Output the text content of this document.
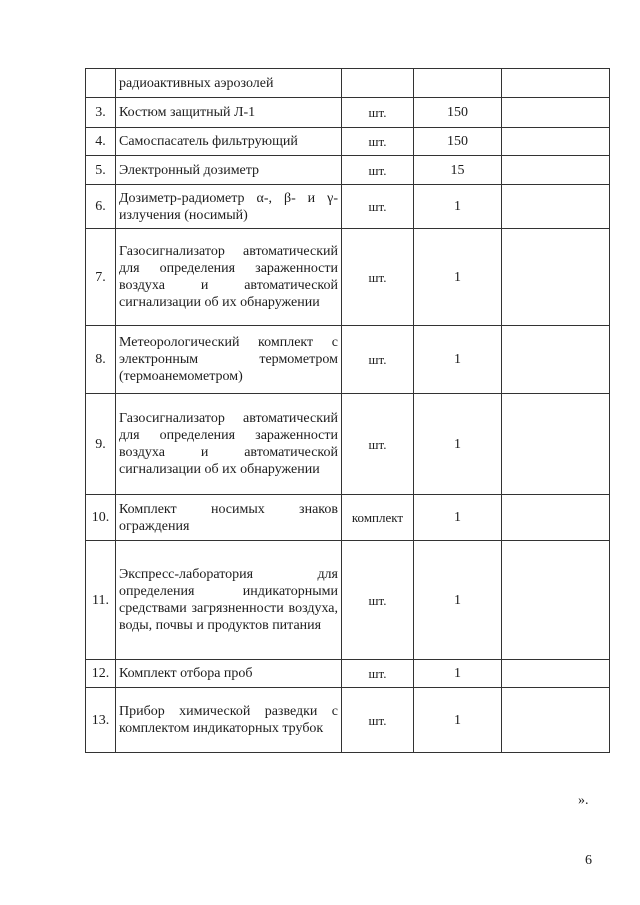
	радиоактивных аэрозолей			
3.	Костюм защитный Л-1	шт.	150	
4.	Самоспасатель фильтрующий	шт.	150	
5.	Электронный дозиметр	шт.	15	
6.	Дозиметр-радиометр α-, β- и γ-излучения (носимый)	шт.	1	
7.	Газосигнализатор автоматический для определения зараженности воздуха и автоматической сигнализации об их обнаружении	шт.	1	
8.	Метеорологический комплект с электронным термометром (термоанемометром)	шт.	1	
9.	Газосигнализатор автоматический для определения зараженности воздуха и автоматической сигнализации об их обнаружении	шт.	1	
10.	Комплект носимых знаков ограждения	комплект	1	
11.	Экспресс-лаборатория для определения индикаторными средствами загрязненности воздуха, воды, почвы и продуктов питания	шт.	1	
12.	Комплект отбора проб	шт.	1	
13.	Прибор химической разведки с комплектом индикаторных трубок	шт.	1	
».
6
